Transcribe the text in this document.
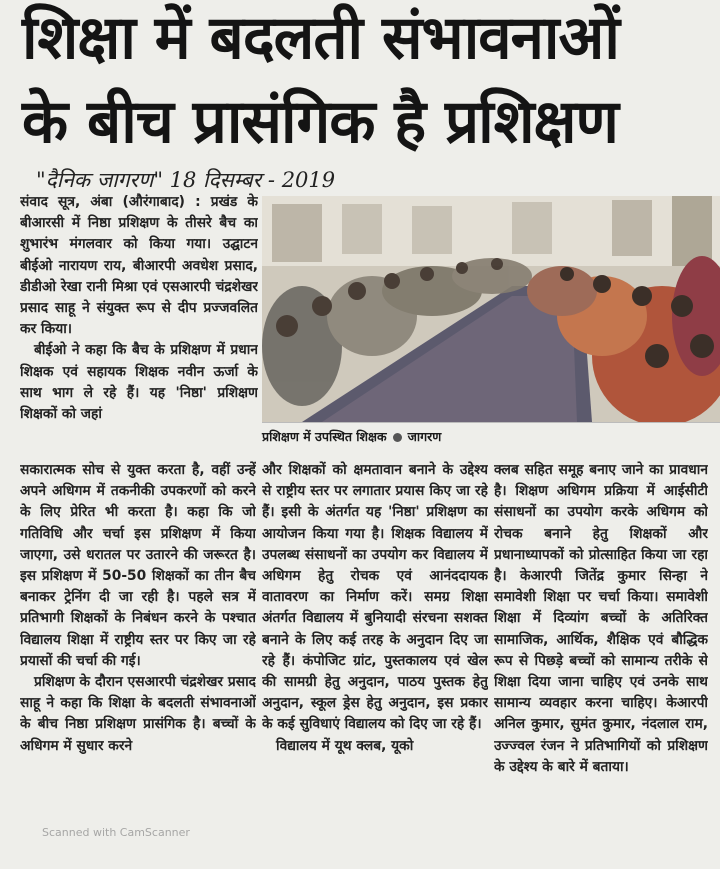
शिक्षा में बदलती संभावनाओं
के बीच प्रासंगिक है प्रशिक्षण
"दैनिक जागरण" 18 दिसम्बर - 2019

संवाद सूत्र, अंबा (औरंगाबाद) : प्रखंड के बीआरसी में निष्ठा प्रशिक्षण के तीसरे बैच का शुभारंभ मंगलवार को किया गया। उद्घाटन बीईओ नारायण राय, बीआरपी अवधेश प्रसाद, डीडीओ रेखा रानी मिश्रा एवं एसआरपी चंद्रशेखर प्रसाद साहू ने संयुक्त रूप से दीप प्रज्जवलित कर किया।

बीईओ ने कहा कि बैच के प्रशिक्षण में प्रधान शिक्षक एवं सहायक शिक्षक नवीन ऊर्जा के साथ भाग ले रहे हैं। यह 'निष्ठा' प्रशिक्षण शिक्षकों को जहां

प्रशिक्षण में उपस्थित शिक्षक जागरण

सकारात्मक सोच से युक्त करता है, वहीं उन्हें अपने अधिगम में तकनीकी उपकरणों को करने के लिए प्रेरित भी करता है। कहा कि जो गतिविधि और चर्चा इस प्रशिक्षण में किया जाएगा, उसे धरातल पर उतारने की जरूरत है। इस प्रशिक्षण में 50-50 शिक्षकों का तीन बैच बनाकर ट्रेनिंग दी जा रही है। पहले सत्र में प्रतिभागी शिक्षकों के निबंधन करने के पश्चात विद्यालय शिक्षा में राष्ट्रीय स्तर पर किए जा रहे प्रयासों की चर्चा की गई।

प्रशिक्षण के दौरान एसआरपी चंद्रशेखर प्रसाद साहू ने कहा कि शिक्षा के बदलती संभावनाओं के बीच निष्ठा प्रशिक्षण प्रासंगिक है। बच्चों के अधिगम में सुधार करने

और शिक्षकों को क्षमतावान बनाने के उद्देश्य से राष्ट्रीय स्तर पर लगातार प्रयास किए जा रहे हैं। इसी के अंतर्गत यह 'निष्ठा' प्रशिक्षण का आयोजन किया गया है। शिक्षक विद्यालय में उपलब्ध संसाधनों का उपयोग कर विद्यालय में अधिगम हेतु रोचक एवं आनंददायक वातावरण का निर्माण करें। समग्र शिक्षा अंतर्गत विद्यालय में बुनियादी संरचना सशक्त बनाने के लिए कई तरह के अनुदान दिए जा रहे हैं। कंपोजिट ग्रांट, पुस्तकालय एवं खेल की सामग्री हेतु अनुदान, पाठय पुस्तक हेतु अनुदान, स्कूल ड्रेस हेतु अनुदान, इस प्रकार के कई सुविधाएं विद्यालय को दिए जा रहे हैं।

विद्यालय में यूथ क्लब, यूको

क्लब सहित समूह बनाए जाने का प्रावधान है। शिक्षण अधिगम प्रक्रिया में आईसीटी संसाधनों का उपयोग करके अधिगम को रोचक बनाने हेतु शिक्षकों और प्रधानाध्यापकों को प्रोत्साहित किया जा रहा है। केआरपी जितेंद्र कुमार सिन्हा ने समावेशी शिक्षा पर चर्चा किया। समावेशी शिक्षा में दिव्यांग बच्चों के अतिरिक्त सामाजिक, आर्थिक, शैक्षिक एवं बौद्धिक रूप से पिछड़े बच्चों को सामान्य तरीके से शिक्षा दिया जाना चाहिए एवं उनके साथ सामान्य व्यवहार करना चाहिए। केआरपी अनिल कुमार, सुमंत कुमार, नंदलाल राम, उज्ज्वल रंजन ने प्रतिभागियों को प्रशिक्षण के उद्देश्य के बारे में बताया।

Scanned with CamScanner
